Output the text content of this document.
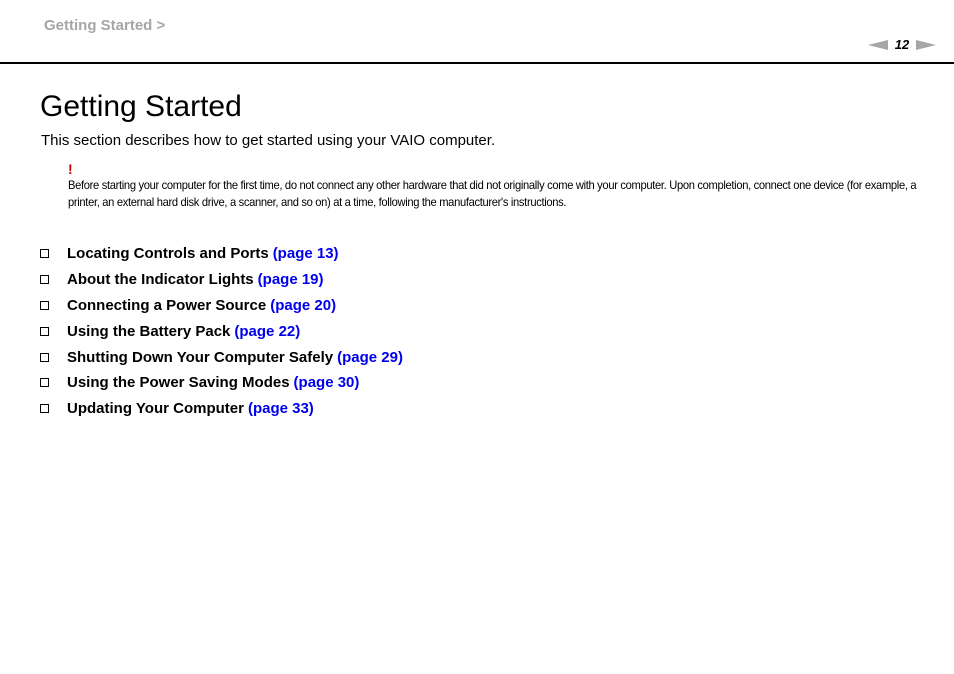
Getting Started >
12
Getting Started
This section describes how to get started using your VAIO computer.
!
Before starting your computer for the first time, do not connect any other hardware that did not originally come with your computer. Upon completion, connect one device (for example, a printer, an external hard disk drive, a scanner, and so on) at a time, following the manufacturer's instructions.
Locating Controls and Ports (page 13)
About the Indicator Lights (page 19)
Connecting a Power Source (page 20)
Using the Battery Pack (page 22)
Shutting Down Your Computer Safely (page 29)
Using the Power Saving Modes (page 30)
Updating Your Computer (page 33)
